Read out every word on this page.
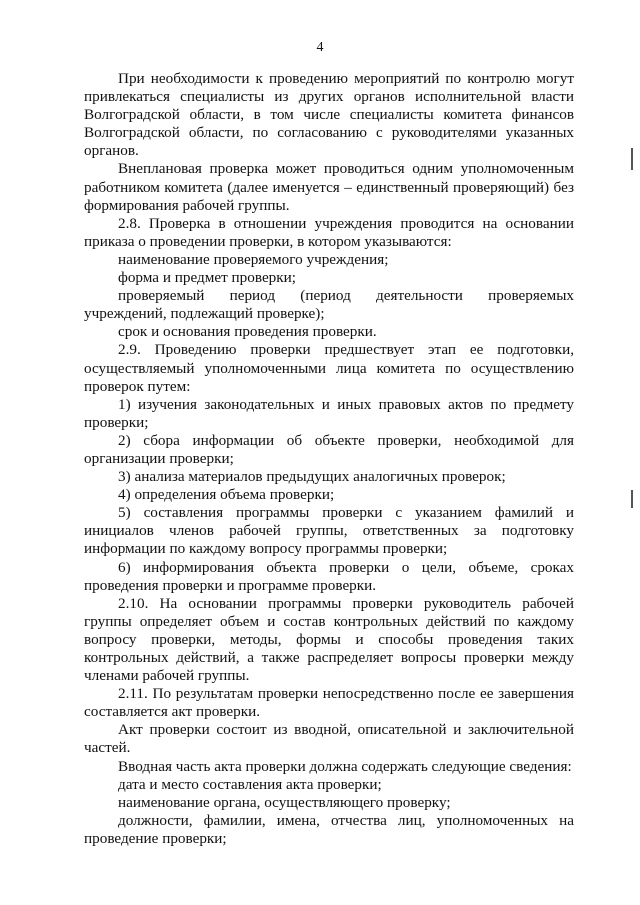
4

При необходимости к проведению мероприятий по контролю могут привлекаться специалисты из других органов исполнительной власти Волгоградской области, в том числе специалисты комитета финансов Волгоградской области, по согласованию с руководителями указанных органов.

Внеплановая проверка может проводиться одним уполномоченным работником комитета (далее именуется – единственный проверяющий) без формирования рабочей группы.

2.8. Проверка в отношении учреждения проводится на основании приказа о проведении проверки, в котором указываются:

наименование проверяемого учреждения;

форма и предмет проверки;

проверяемый период (период деятельности проверяемых учреждений, подлежащий проверке);

срок и основания проведения проверки.

2.9. Проведению проверки предшествует этап ее подготовки, осуществляемый уполномоченными лица комитета по осуществлению проверок путем:

1) изучения законодательных и иных правовых актов по предмету проверки;

2) сбора информации об объекте проверки, необходимой для организации проверки;

3) анализа материалов предыдущих аналогичных проверок;

4) определения объема проверки;

5) составления программы проверки с указанием фамилий и инициалов членов рабочей группы, ответственных за подготовку информации по каждому вопросу программы проверки;

6) информирования объекта проверки о цели, объеме, сроках проведения проверки и программе проверки.

2.10. На основании программы проверки руководитель рабочей группы определяет объем и состав контрольных действий по каждому вопросу проверки, методы, формы и способы проведения таких контрольных действий, а также распределяет вопросы проверки между членами рабочей группы.

2.11. По результатам проверки непосредственно после ее завершения составляется акт проверки.

Акт проверки состоит из вводной, описательной и заключительной частей.

Вводная часть акта проверки должна содержать следующие сведения:

дата и место составления акта проверки;

наименование органа, осуществляющего проверку;

должности, фамилии, имена, отчества лиц, уполномоченных на проведение проверки;
